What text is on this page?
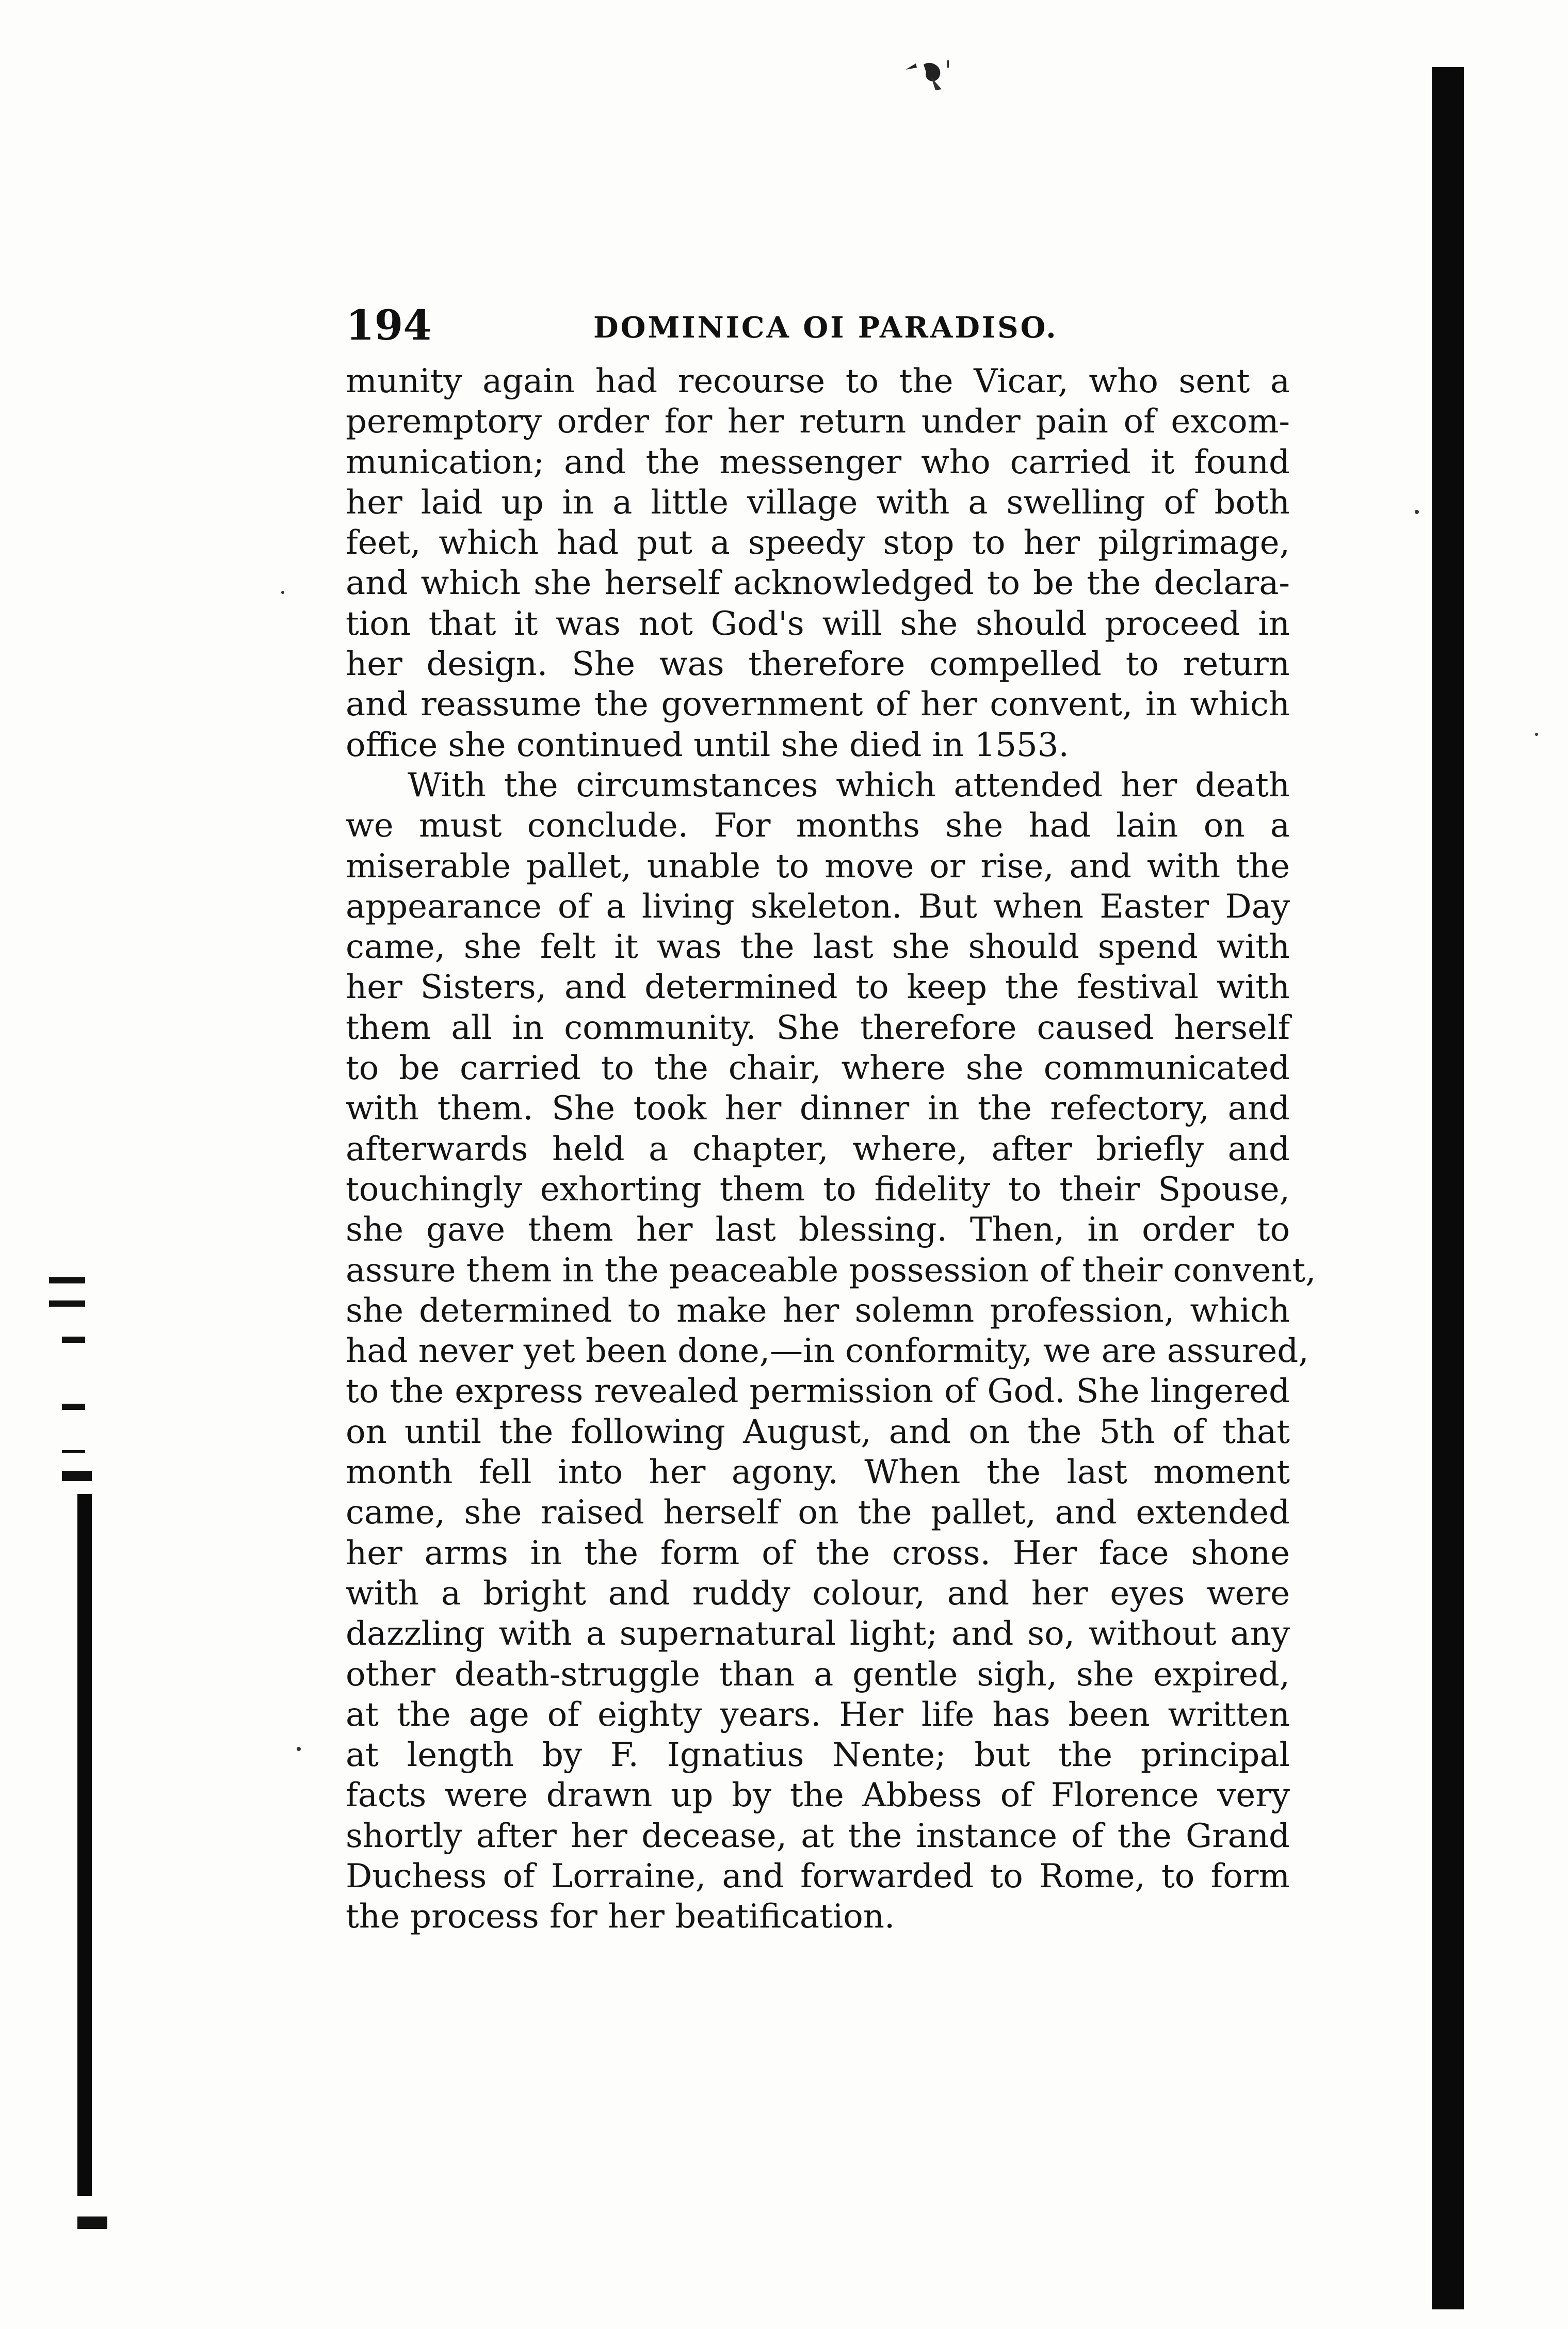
194	DOMINICA OI PARADISO.
munity again had recourse to the Vicar, who sent a
peremptory order for her return under pain of excom-
munication; and the messenger who carried it found
her laid up in a little village with a swelling of both
feet, which had put a speedy stop to her pilgrimage,
and which she herself acknowledged to be the declara-
tion that it was not God's will she should proceed in
her design. She was therefore compelled to return
and reassume the government of her convent, in which
office she continued until she died in 1553.
With the circumstances which attended her death
we must conclude. For months she had lain on a
miserable pallet, unable to move or rise, and with the
appearance of a living skeleton. But when Easter Day
came, she felt it was the last she should spend with
her Sisters, and determined to keep the festival with
them all in community. She therefore caused herself
to be carried to the chair, where she communicated
with them. She took her dinner in the refectory, and
afterwards held a chapter, where, after briefly and
touchingly exhorting them to fidelity to their Spouse,
she gave them her last blessing. Then, in order to
assure them in the peaceable possession of their convent,
she determined to make her solemn profession, which
had never yet been done,—in conformity, we are assured,
to the express revealed permission of God. She lingered
on until the following August, and on the 5th of that
month fell into her agony. When the last moment
came, she raised herself on the pallet, and extended
her arms in the form of the cross. Her face shone
with a bright and ruddy colour, and her eyes were
dazzling with a supernatural light; and so, without any
other death-struggle than a gentle sigh, she expired,
at the age of eighty years. Her life has been written
at length by F. Ignatius Nente; but the principal
facts were drawn up by the Abbess of Florence very
shortly after her decease, at the instance of the Grand
Duchess of Lorraine, and forwarded to Rome, to form
the process for her beatification.
